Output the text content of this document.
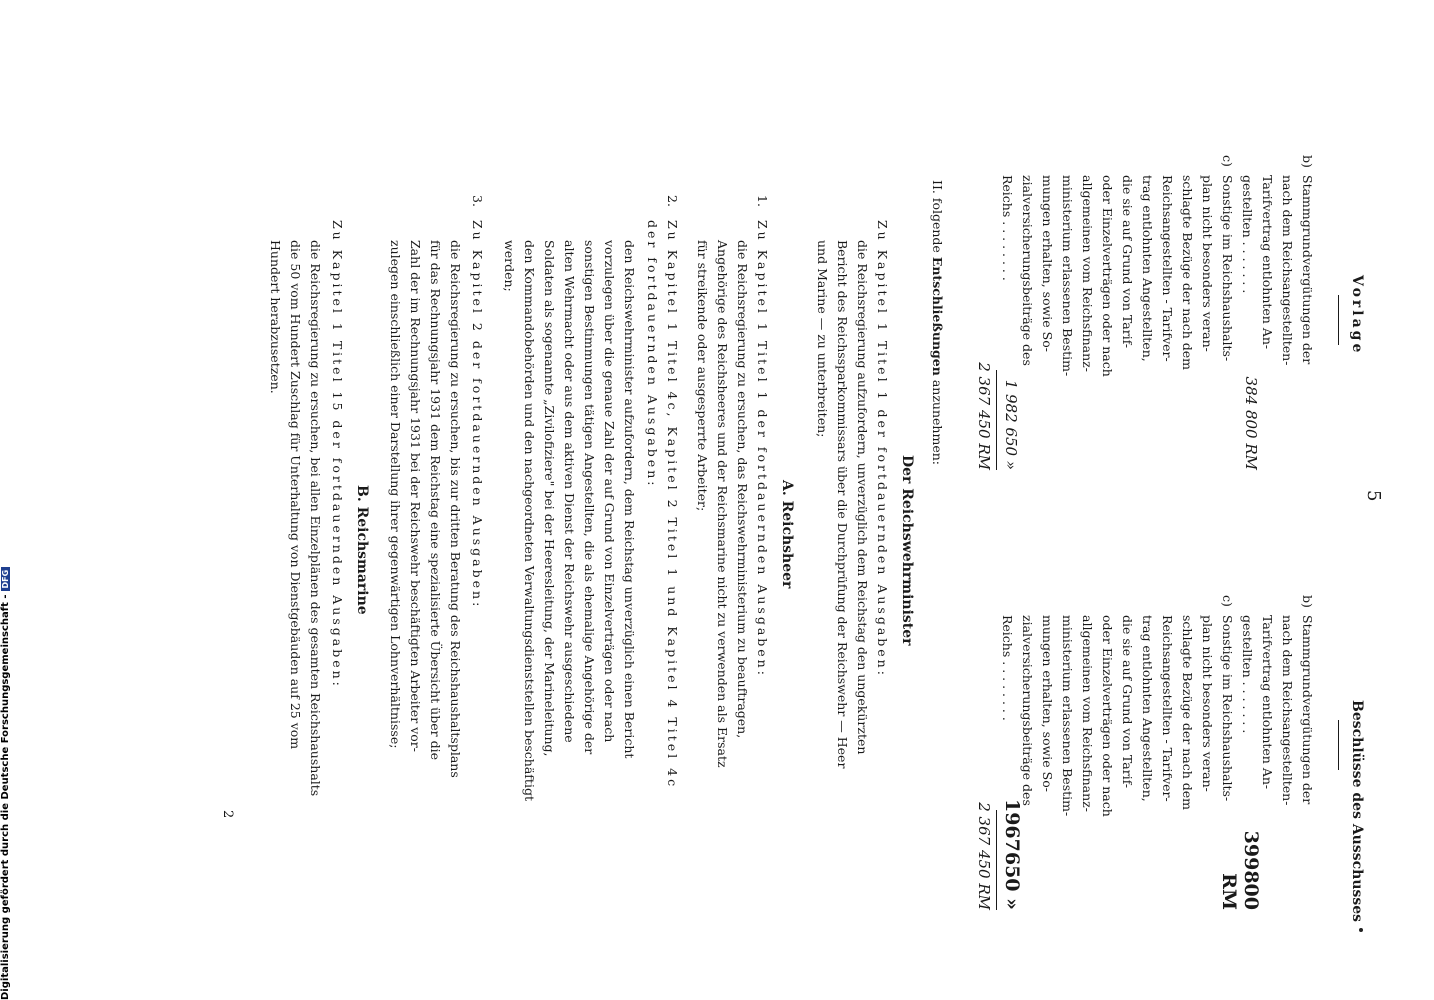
Vorlage
5
Beschlüsse des Ausschusses
b)
Stammgrundvergütungen der
nach dem Reichsangestellten-
Tarifvertrag entlohnten An-
gestellten . . . . . . .
384 800 RM
c)
Sonstige im Reichshaushalts-
plan nicht besonders veran-
schlagte Bezüge der nach dem
Reichsangestellten - Tarifver-
trag entlohnten Angestellten,
die sie auf Grund von Tarif-
oder Einzelverträgen oder nach
allgemeinen vom Reichsfinanz-
ministerium erlassenen Bestim-
mungen erhalten, sowie So-
zialversicherungsbeiträge des
Reichs . . . . . . . .
1 982 650 »
2 367 450 RM
b)
Stammgrundvergütungen der
nach dem Reichsangestellten-
Tarifvertrag entlohnten An-
gestellten . . . . . . .
399800 RM
c)
Sonstige im Reichshaushalts-
plan nicht besonders veran-
schlagte Bezüge der nach dem
Reichsangestellten - Tarifver-
trag entlohnten Angestellten,
die sie auf Grund von Tarif-
oder Einzelverträgen oder nach
allgemeinen vom Reichsfinanz-
ministerium erlassenen Bestim-
mungen erhalten, sowie So-
zialversicherungsbeiträge des
Reichs . . . . . . . .
1967650 »
2 367 450 RM
II. folgende Entschließungen anzunehmen:
Der Reichswehrminister
Zu Kapitel 1 Titel 1 der fortdauernden Ausgaben:
die Reichsregierung aufzufordern, unverzüglich dem Reichstag den ungekürzten
Bericht des Reichssparkommissars über die Durchprüfung der Reichswehr — Heer
und Marine — zu unterbreiten;
A. Reichsheer
1.
Zu Kapitel 1 Titel 1 der fortdauernden Ausgaben:
die Reichsregierung zu ersuchen, das Reichswehrministerium zu beauftragen,
Angehörige des Reichsheeres und der Reichsmarine nicht zu verwenden als Ersatz
für streikende oder ausgesperrte Arbeiter;
2.
Zu Kapitel 1 Titel 4c, Kapitel 2 Titel 1 und Kapitel 4 Titel 4c
der fortdauernden Ausgaben:
den Reichswehrminister aufzufordern, dem Reichstag unverzüglich einen Bericht
vorzulegen über die genaue Zahl der auf Grund von Einzelverträgen oder nach
sonstigen Bestimmungen tätigen Angestellten, die als ehemalige Angehörige der
alten Wehrmacht oder aus dem aktiven Dienst der Reichswehr ausgeschiedene
Soldaten als sogenannte „Zivilofiziere" bei der Heeresleitung, der Marineleitung,
den Kommandobehörden und den nachgeordneten Verwaltungsdienststellen beschäftigt
werden;
3.
Zu Kapitel 2 der fortdauernden Ausgaben:
die Reichsregierung zu ersuchen, bis zur dritten Beratung des Reichshaushaltsplans
für das Rechnungsjahr 1931 dem Reichstag eine spezialisierte Übersicht über die
Zahl der im Rechnungsjahr 1931 bei der Reichswehr beschäftigten Arbeiter vor-
zulegen einschließlich einer Darstellung ihrer gegenwärtigen Lohnverhältnisse;
B. Reichsmarine
Zu Kapitel 1 Titel 15 der fortdauernden Ausgaben:
die Reichsregierung zu ersuchen, bei allen Einzelplänen des gesamten Reichshaushalts
die 50 vom Hundert Zuschlag für Unterhaltung von Dienstgebäuden auf 25 vom
Hundert herabzusetzen.
2
Digitalisierung gefördert durch die Deutsche Forschungsgemeinschaft -DFG
